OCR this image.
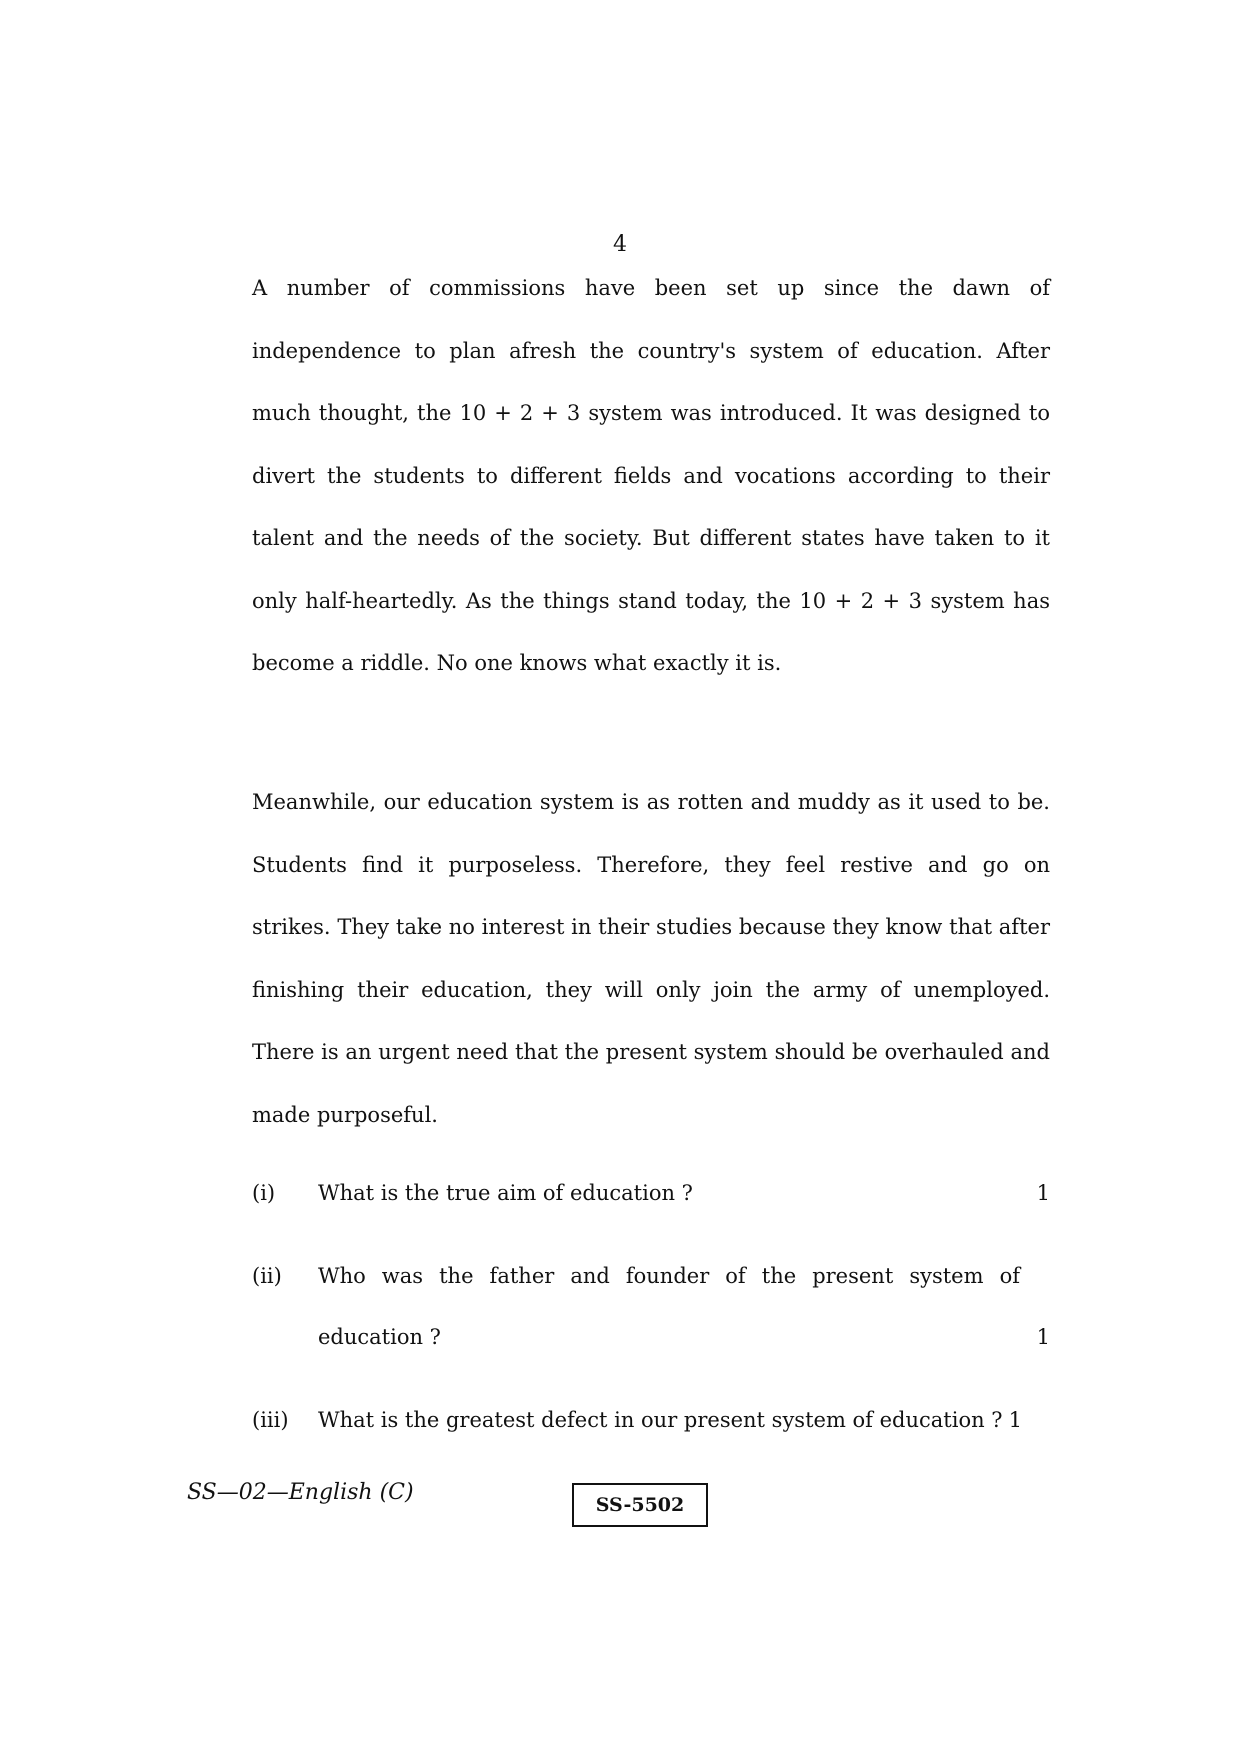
4

A number of commissions have been set up since the dawn of independence to plan afresh the country's system of education. After much thought, the 10 + 2 + 3 system was introduced. It was designed to divert the students to different fields and vocations according to their talent and the needs of the society. But different states have taken to it only half-heartedly. As the things stand today, the 10 + 2 + 3 system has become a riddle. No one knows what exactly it is.

Meanwhile, our education system is as rotten and muddy as it used to be. Students find it purposeless. Therefore, they feel restive and go on strikes. They take no interest in their studies because they know that after finishing their education, they will only join the army of unemployed. There is an urgent need that the present system should be overhauled and made purposeful.

(i)	What is the true aim of education ?	1
(ii)	Who was the father and founder of the present system of education ?	1
(iii)	What is the greatest defect in our present system of education ? 1
SS—02—English (C)	SS-5502
